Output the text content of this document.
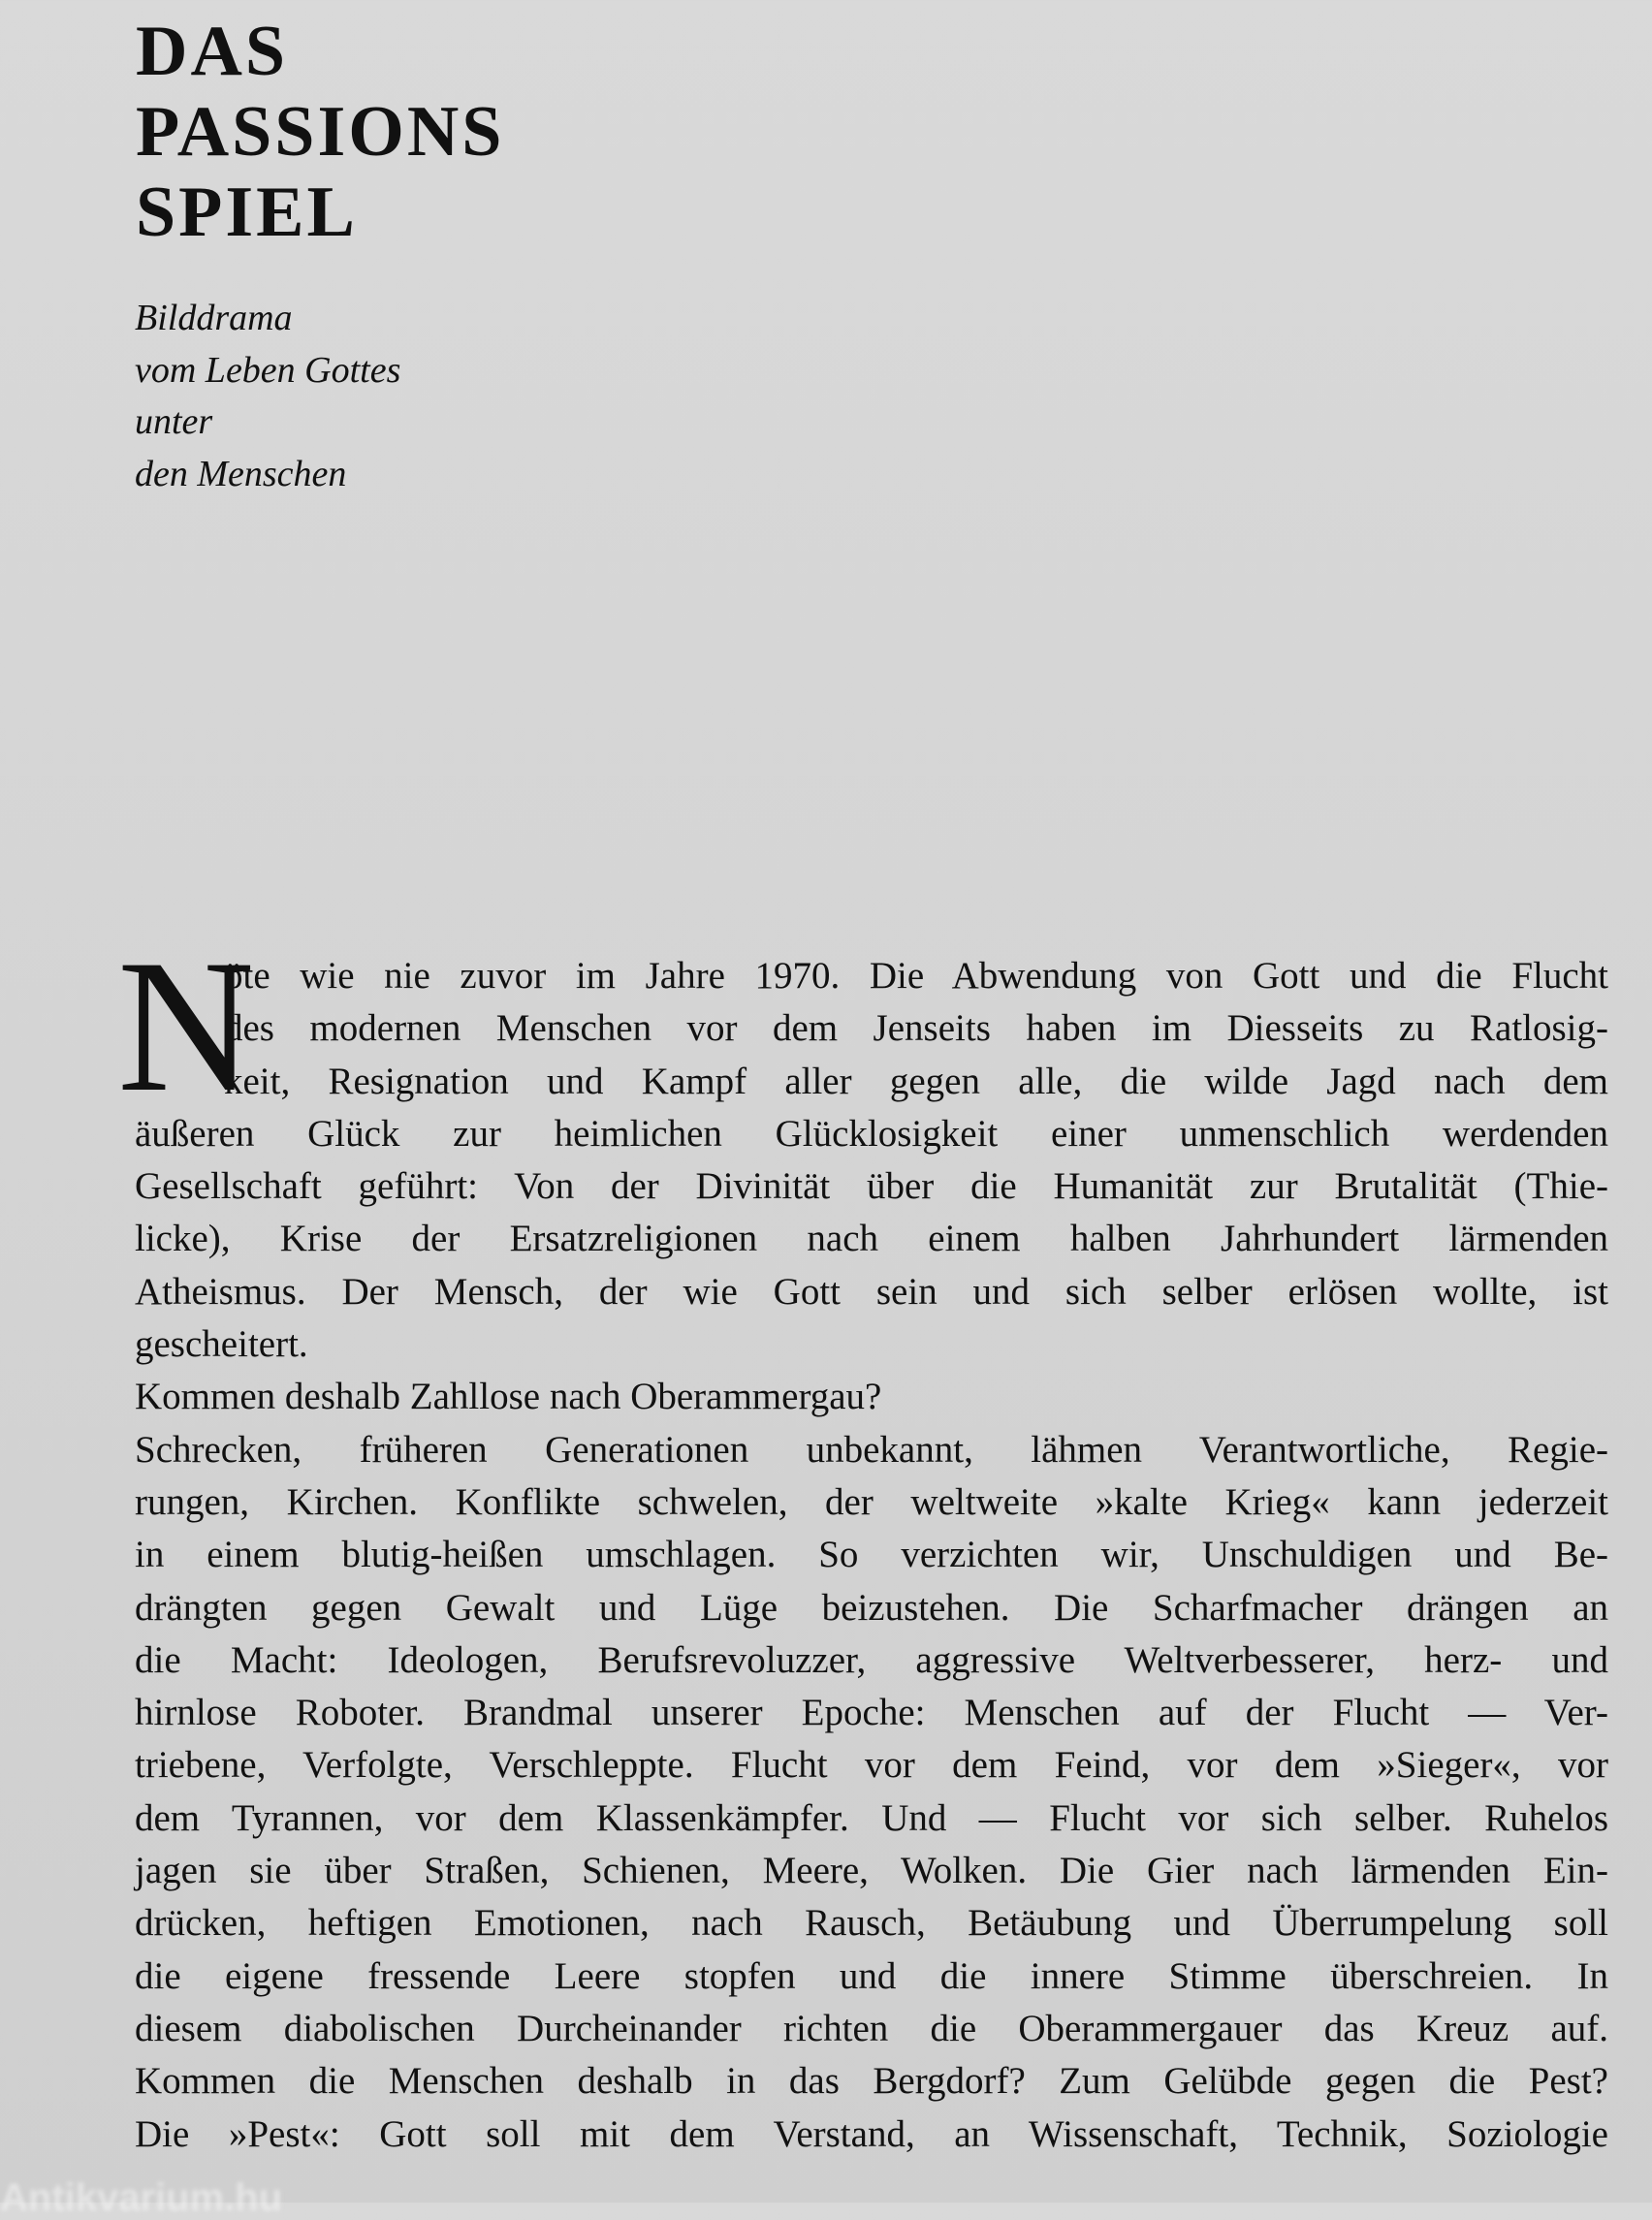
DAS
PASSIONS
SPIEL
Bilddrama
vom Leben Gottes
unter
den Menschen
N
öte wie nie zuvor im Jahre 1970. Die Abwendung von Gott und die Flucht
des modernen Menschen vor dem Jenseits haben im Diesseits zu Ratlosig-
keit, Resignation und Kampf aller gegen alle, die wilde Jagd nach dem
äußeren Glück zur heimlichen Glücklosigkeit einer unmenschlich werdenden
Gesellschaft geführt: Von der Divinität über die Humanität zur Brutalität (Thie-
licke), Krise der Ersatzreligionen nach einem halben Jahrhundert lärmenden
Atheismus. Der Mensch, der wie Gott sein und sich selber erlösen wollte, ist
gescheitert.
Kommen deshalb Zahllose nach Oberammergau?
Schrecken, früheren Generationen unbekannt, lähmen Verantwortliche, Regie-
rungen, Kirchen. Konflikte schwelen, der weltweite »kalte Krieg« kann jederzeit
in einem blutig-heißen umschlagen. So verzichten wir, Unschuldigen und Be-
drängten gegen Gewalt und Lüge beizustehen. Die Scharfmacher drängen an
die Macht: Ideologen, Berufsrevoluzzer, aggressive Weltverbesserer, herz- und
hirnlose Roboter. Brandmal unserer Epoche: Menschen auf der Flucht — Ver-
triebene, Verfolgte, Verschleppte. Flucht vor dem Feind, vor dem »Sieger«, vor
dem Tyrannen, vor dem Klassenkämpfer. Und — Flucht vor sich selber. Ruhelos
jagen sie über Straßen, Schienen, Meere, Wolken. Die Gier nach lärmenden Ein-
drücken, heftigen Emotionen, nach Rausch, Betäubung und Überrumpelung soll
die eigene fressende Leere stopfen und die innere Stimme überschreien. In
diesem diabolischen Durcheinander richten die Oberammergauer das Kreuz auf.
Kommen die Menschen deshalb in das Bergdorf? Zum Gelübde gegen die Pest?
Die »Pest«: Gott soll mit dem Verstand, an Wissenschaft, Technik, Soziologie
Antikvarium.hu
